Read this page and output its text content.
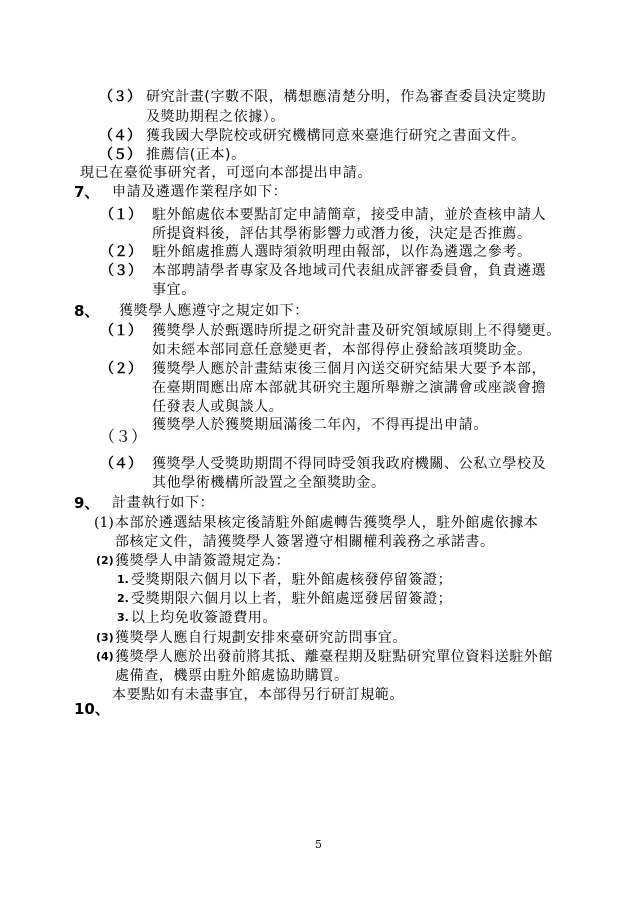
（３） 研究計畫(字數不限，構想應清楚分明，作為審查委員決定獎助
及獎助期程之依據）。
（４） 獲我國大學院校或研究機構同意來臺進行研究之書面文件。
（５） 推薦信(正本)。
現已在臺從事研究者，可逕向本部提出申請。
7、 申請及遴選作業程序如下：
（１） 駐外館處依本要點訂定申請簡章，接受申請，並於查核申請人
所提資料後，評估其學術影響力或潛力後，決定是否推薦。
（２） 駐外館處推薦人選時須敘明理由報部，以作為遴選之參考。
（３） 本部聘請學者專家及各地域司代表組成評審委員會，負責遴選
事宜。
8、 獲獎學人應遵守之規定如下：
（１） 獲獎學人於甄選時所提之研究計畫及研究領域原則上不得變更。
如未經本部同意任意變更者，本部得停止發給該項獎助金。
（２） 獲獎學人應於計畫結束後三個月內送交研究結果大要予本部，
在臺期間應出席本部就其研究主題所舉辦之演講會或座談會擔
任發表人或與談人。
（３）
獲獎學人於獲獎期屆滿後二年內，不得再提出申請。
（４） 獲獎學人受獎助期間不得同時受領我政府機關、公私立學校及
其他學術機構所設置之全額獎助金。
9、 計畫執行如下：
(1) 本部於遴選結果核定後請駐外館處轉告獲獎學人，駐外館處依據本
部核定文件，請獲獎學人簽署遵守相關權利義務之承諾書。
(2) 獲獎學人申請簽證規定為：
1. 受獎期限六個月以下者，駐外館處核發停留簽證；
2. 受獎期限六個月以上者，駐外館處逕發居留簽證；
3. 以上均免收簽證費用。
(3) 獲獎學人應自行規劃安排來臺研究訪問事宜。
(4) 獲獎學人應於出發前將其抵、離臺程期及駐點研究單位資料送駐外館
處備查，機票由駐外館處協助購買。
本要點如有未盡事宜，本部得另行研訂規範。
10、
5
